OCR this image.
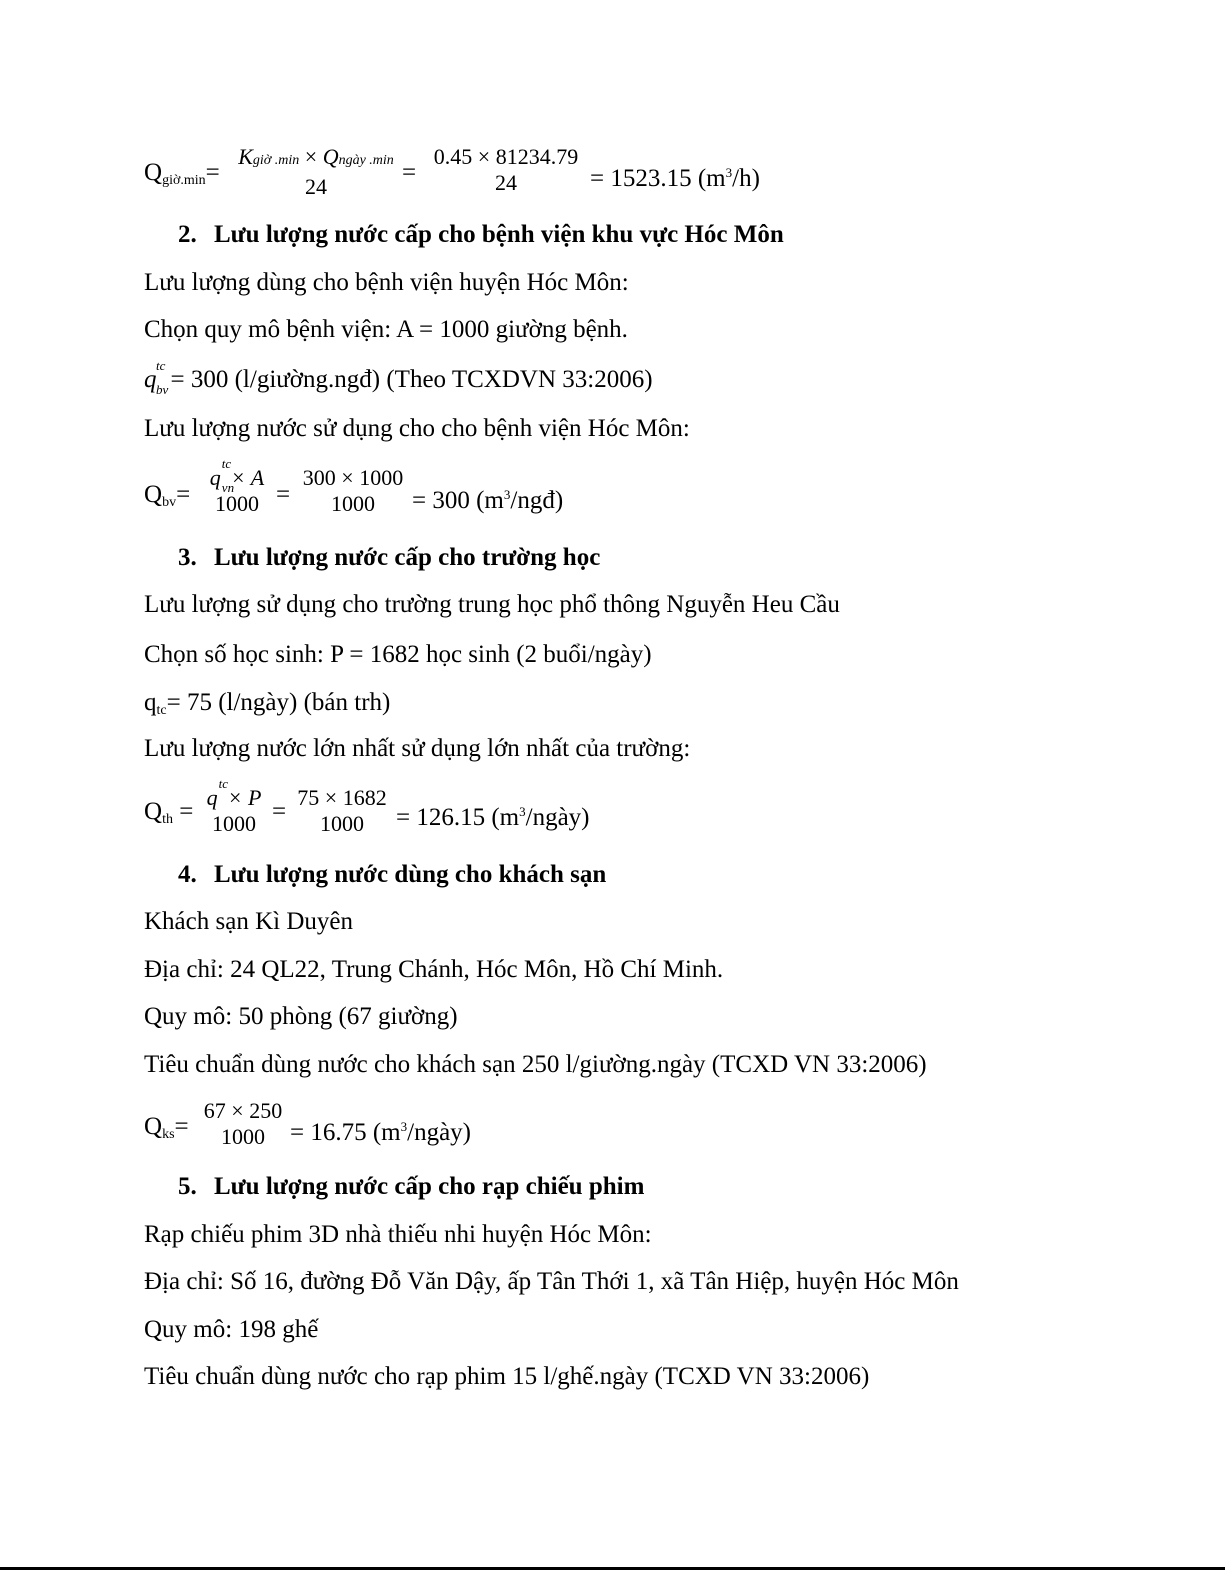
$Q_{giờ.min}=$
Kgiờ .min × Qngày .min
24
=
0.45 × 81234.79
24	= 1523.15 $(m^3/h)$
2. Lưu lượng nước cấp cho bệnh viện khu vực Hóc Môn
Lưu lượng dùng cho bệnh viện huyện Hóc Môn:
Chọn quy mô bệnh viện: A = 1000 giường bệnh.
q
tc
bv = 300 (l/giường.ngđ) (Theo TCXDVN 33:2006)
Lưu lượng nước sử dụng cho cho bệnh viện Hóc Môn:
$Q_{bv}=$
q
tc
vn
× A
1000 =
300 × 1000
1000	= 300 $(m^3/ngđ)$
3. Lưu lượng nước cấp cho trường học
Lưu lượng sử dụng cho trường trung học phổ thông Nguyễn Heu Cầu
Chọn số học sinh: P = 1682 học sinh (2 buổi/ngày)
$q_{tc}= 75$ (l/ngày) (bán trh)
Lưu lượng nước lớn nhất sử dụng lớn nhất của trường:
$Q_{th}$ =
q
tc
× P
1000 =
75 × 1682
1000	= 126.15 $(m^3/ngày)$
4. Lưu lượng nước dùng cho khách sạn
Khách sạn Kì Duyên
Địa chỉ: 24 QL22, Trung Chánh, Hóc Môn, Hồ Chí Minh.
Quy mô: 50 phòng (67 giường)
Tiêu chuẩn dùng nước cho khách sạn 250 l/giường.ngày (TCXD VN 33:2006)
$Q_{ks}=$
67 × 250
1000	= 16.75 $(m^3/ngày)$
5. Lưu lượng nước cấp cho rạp chiếu phim
Rạp chiếu phim 3D nhà thiếu nhi huyện Hóc Môn:
Địa chỉ: Số 16, đường Đỗ Văn Dậy, ấp Tân Thới 1, xã Tân Hiệp, huyện Hóc Môn
Quy mô: 198 ghế
Tiêu chuẩn dùng nước cho rạp phim 15 l/ghế.ngày (TCXD VN 33:2006)
